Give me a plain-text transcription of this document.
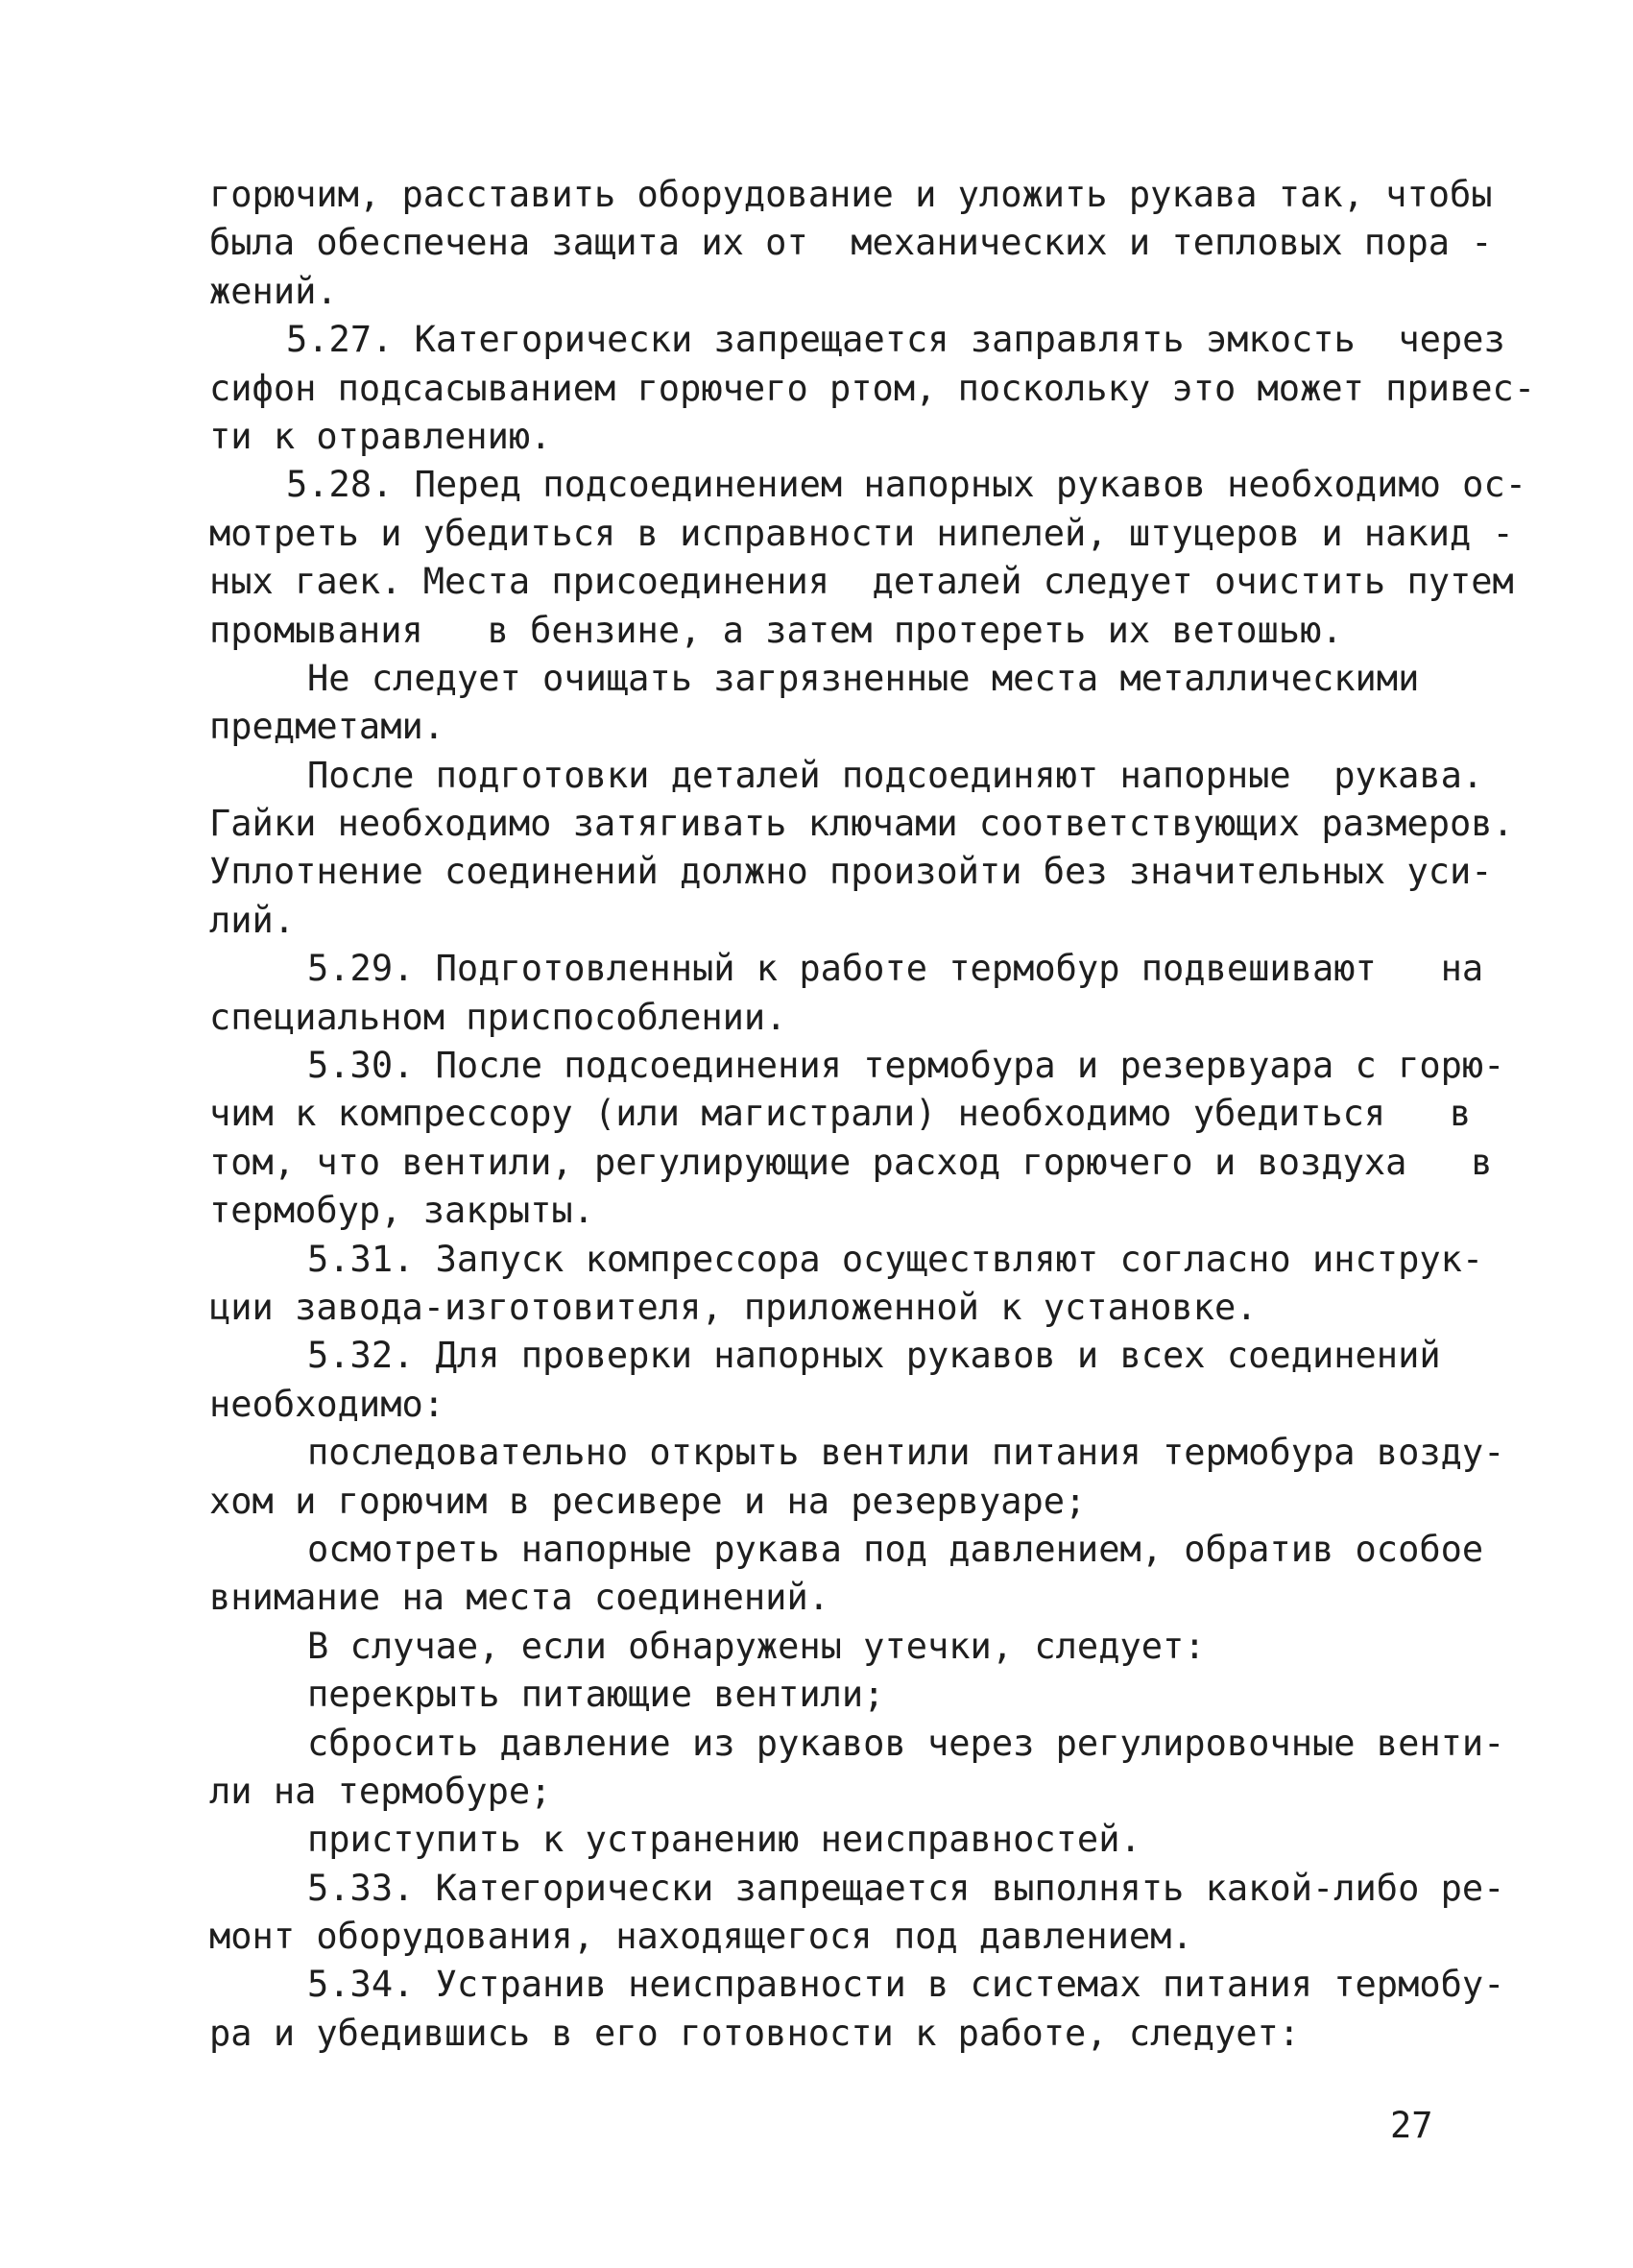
горючим, расставить оборудование и уложить рукава так, чтобы
была обеспечена защита их от  механических и тепловых пора -
жений.
5.27. Категорически запрещается заправлять эмкость  через
сифон подсасыванием горючего ртом, поскольку это может привес-
ти к отравлению.
5.28. Перед подсоединением напорных рукавов необходимо ос-
мотреть и убедиться в исправности нипелей, штуцеров и накид -
ных гаек. Места присоединения  деталей следует очистить путем
промывания   в бензине, а затем протереть их ветошью.
Не следует очищать загрязненные места металлическими
предметами.
После подготовки деталей подсоединяют напорные  рукава.
Гайки необходимо затягивать ключами соответствующих размеров.
Уплотнение соединений должно произойти без значительных уси-
лий.
5.29. Подготовленный к работе термобур подвешивают   на
специальном приспособлении.
5.30. После подсоединения термобура и резервуара с горю-
чим к компрессору (или магистрали) необходимо убедиться   в
том, что вентили, регулирующие расход горючего и воздуха   в
термобур, закрыты.
5.31. Запуск компрессора осуществляют согласно инструк-
ции завода-изготовителя, приложенной к установке.
5.32. Для проверки напорных рукавов и всех соединений
необходимо:
последовательно открыть вентили питания термобура возду-
хом и горючим в ресивере и на резервуаре;
осмотреть напорные рукава под давлением, обратив особое
внимание на места соединений.
В случае, если обнаружены утечки, следует:
перекрыть питающие вентили;
сбросить давление из рукавов через регулировочные венти-
ли на термобуре;
приступить к устранению неисправностей.
5.33. Категорически запрещается выполнять какой-либо ре-
монт оборудования, находящегося под давлением.
5.34. Устранив неисправности в системах питания термобу-
ра и убедившись в его готовности к работе, следует:
27
